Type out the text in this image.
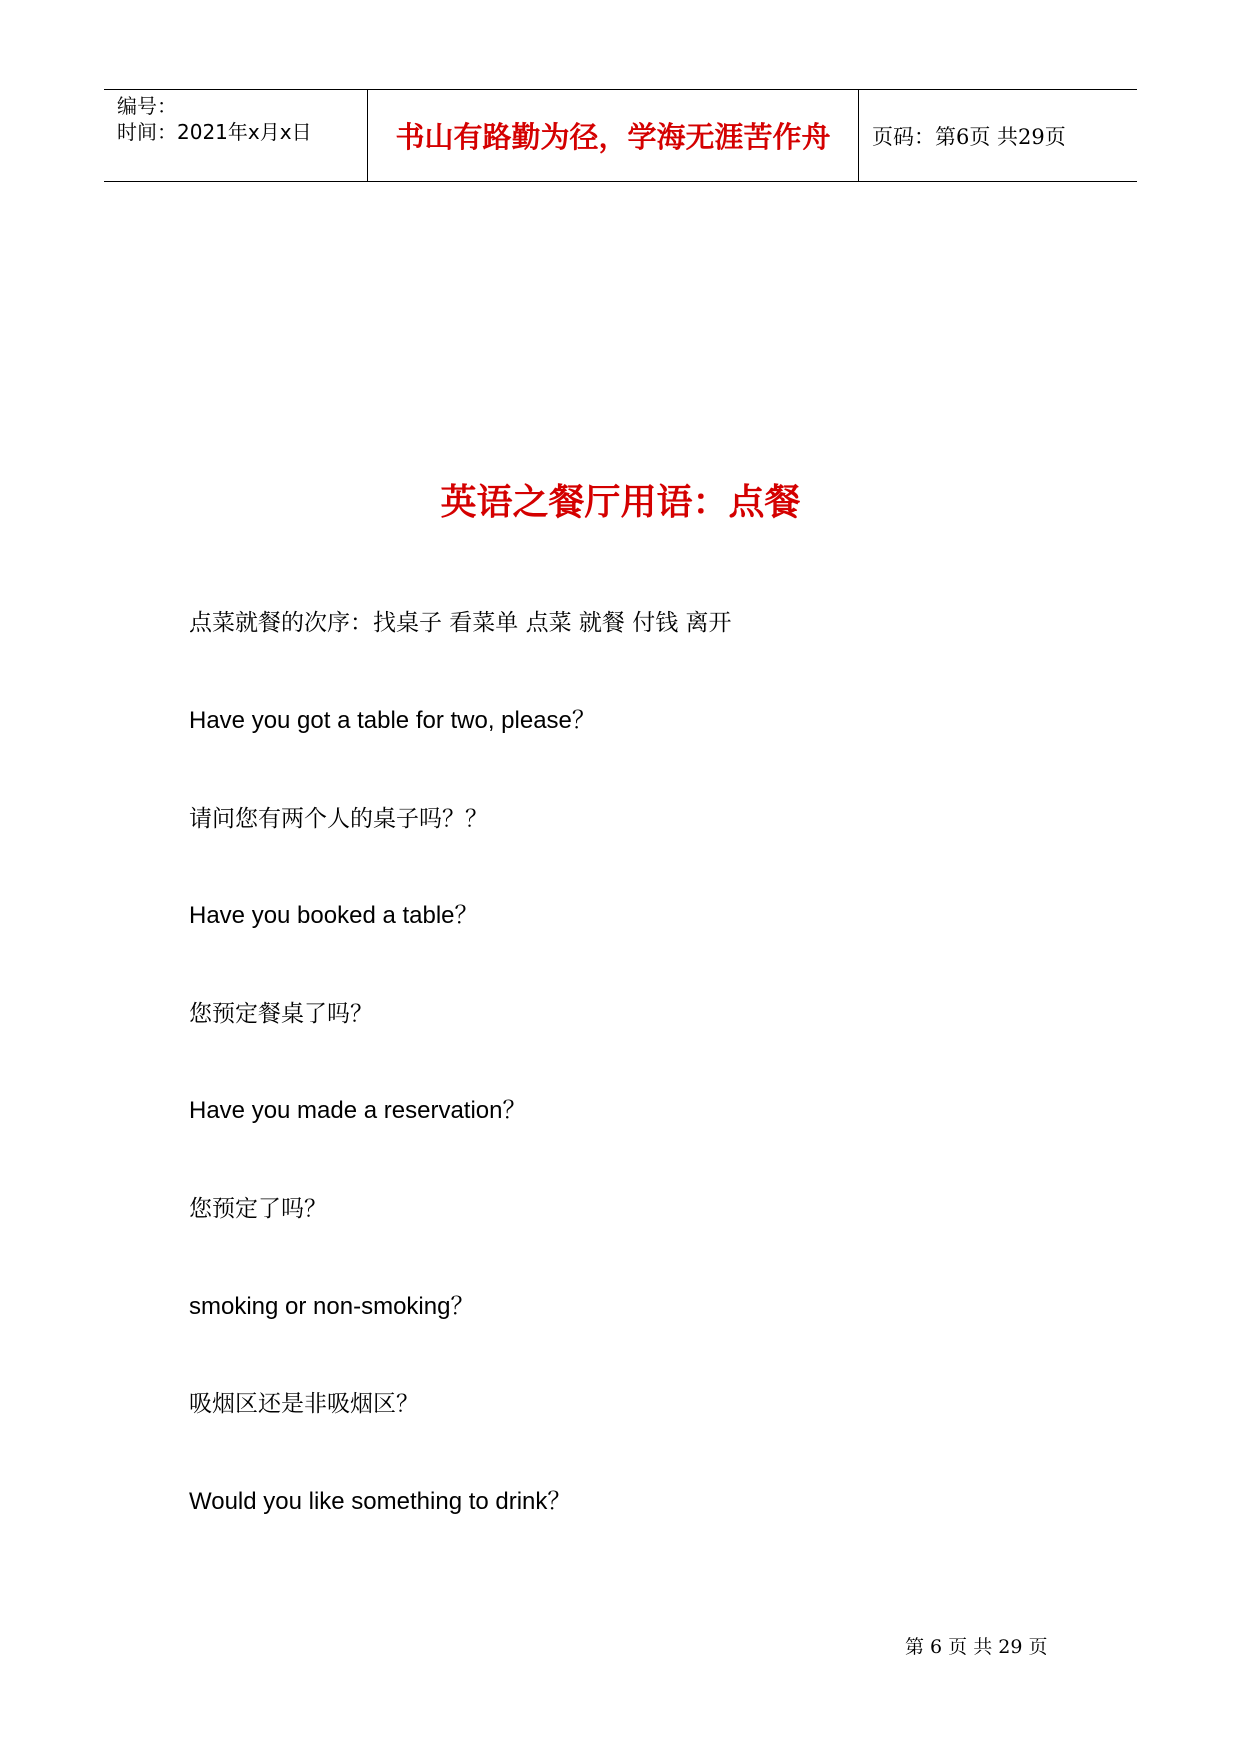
编号：
时间：2021年x月x日	书山有路勤为径，学海无涯苦作舟 页码：第6页 共29页
英语之餐厅用语：点餐
点菜就餐的次序：找桌子 看菜单 点菜 就餐 付钱 离开
Have you got a table for two, please？
请问您有两个人的桌子吗？？
Have you booked a table？
您预定餐桌了吗？
Have you made a reservation？
您预定了吗？
smoking or non-smoking？
吸烟区还是非吸烟区？
Would you like something to drink？
第 6 页 共 29 页
